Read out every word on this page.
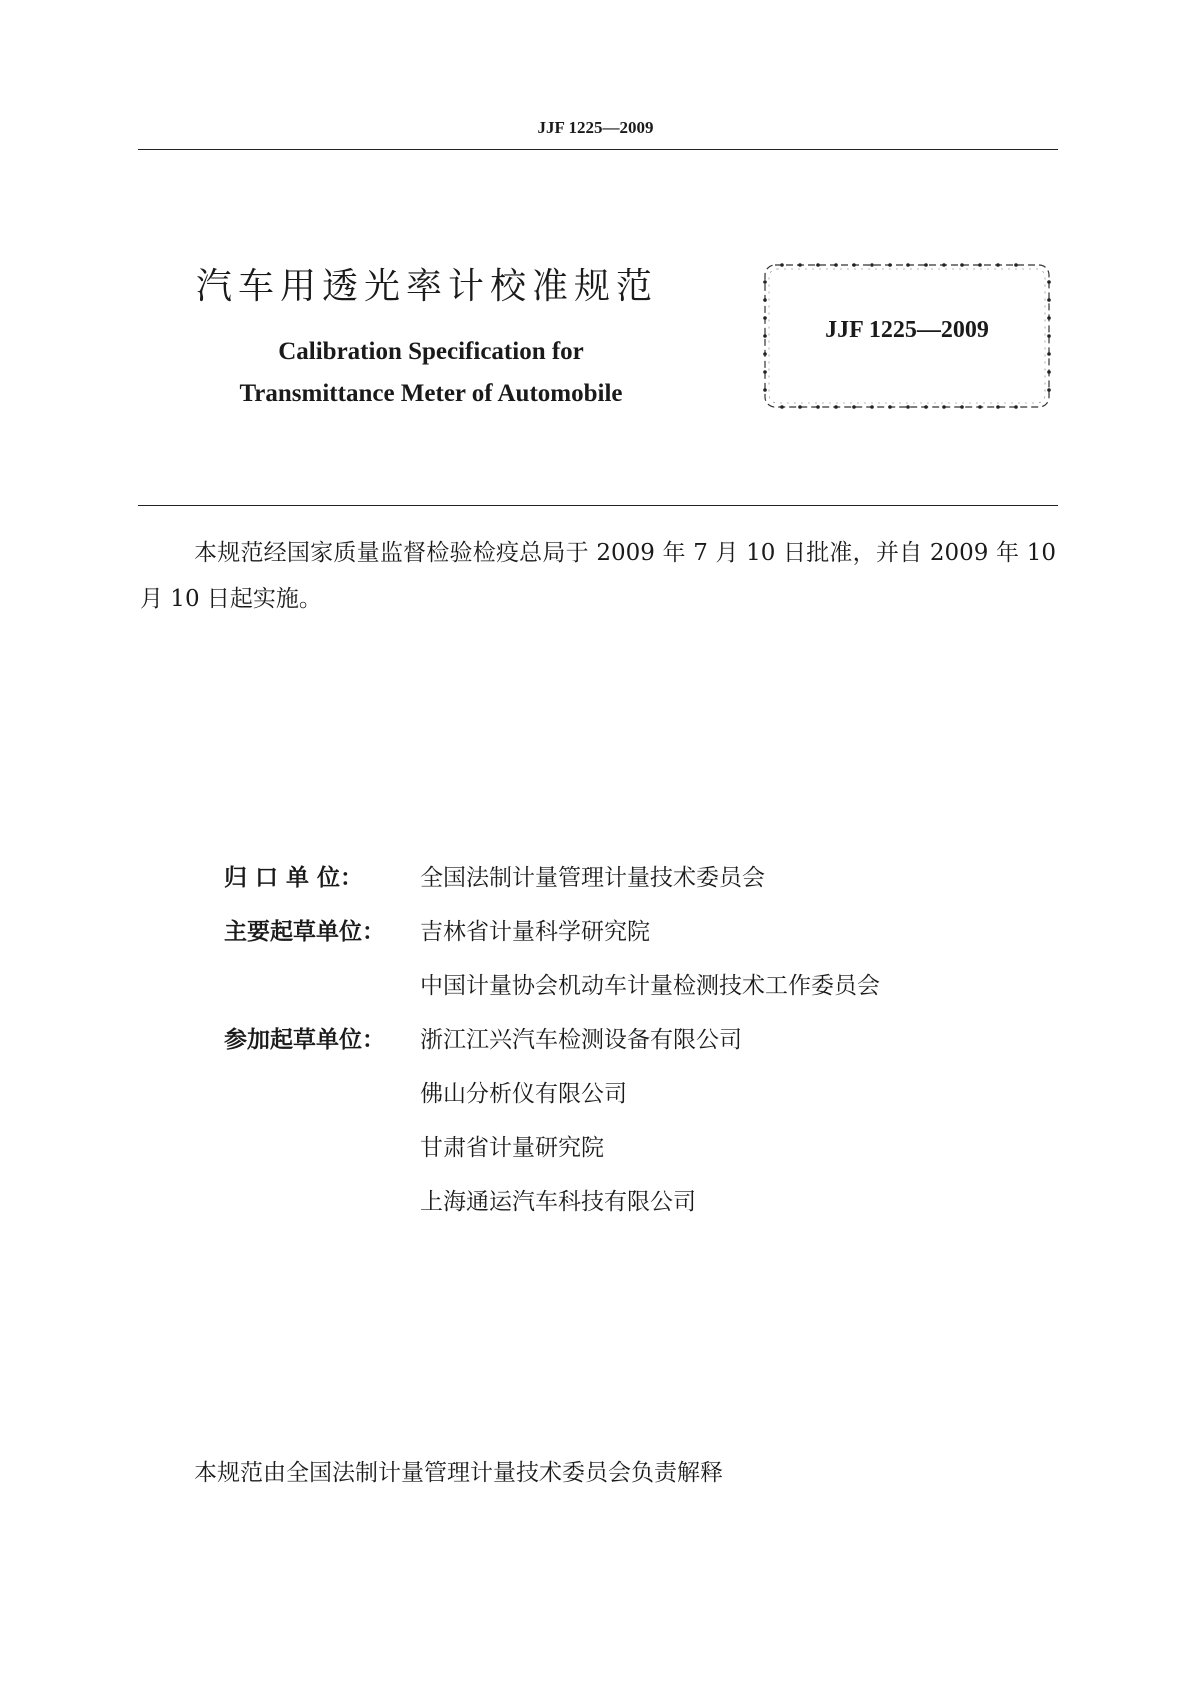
JJF 1225—2009
汽车用透光率计校准规范
Calibration Specification for
Transmittance Meter of Automobile
JJF 1225—2009
本规范经国家质量监督检验检疫总局于 2009 年 7 月 10 日批准，并自 2009 年 10 月 10 日起实施。
归 口 单 位：	全国法制计量管理计量技术委员会
主要起草单位：	吉林省计量科学研究院
中国计量协会机动车计量检测技术工作委员会
参加起草单位：	浙江江兴汽车检测设备有限公司
佛山分析仪有限公司
甘肃省计量研究院
上海通运汽车科技有限公司
本规范由全国法制计量管理计量技术委员会负责解释
